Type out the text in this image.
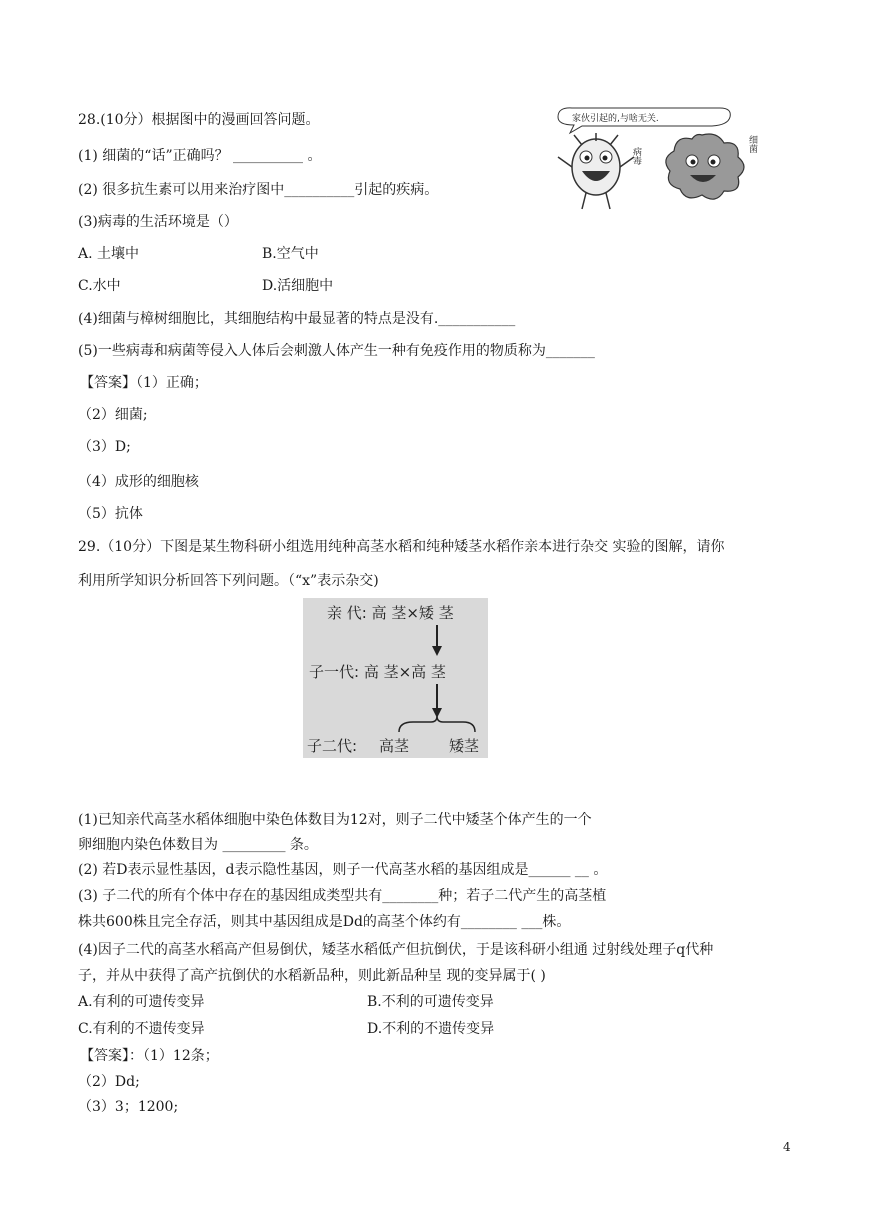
28.(10分）根据图中的漫画回答问题。
(1) 细菌的“话”正确吗？ __________ 。
(2) 很多抗生素可以用来治疗图中__________引起的疾病。
(3)病毒的生活环境是（）
A. 土壤中	B.空气中
C.水中	D.活细胞中
(4)细菌与樟树细胞比，其细胞结构中最显著的特点是没有.___________
(5)一些病毒和病菌等侵入人体后会刺激人体产生一种有免疫作用的物质称为_______
【答案】（1）正确；
（2）细菌;
（3）D;
（4）成形的细胞核
（5）抗体
家伙引起的,与啥无关.
病毒
细菌
29.（10分）下图是某生物科研小组选用纯种高茎水稻和纯种矮茎水稻作亲本进行杂交 实验的图解，请你
利用所学知识分析回答下列问题。（“x”表示杂交)
亲 代: 高 茎×矮 茎
子一代: 高 茎×高 茎
子二代: 高茎	矮茎
(1)已知亲代高茎水稻体细胞中染色体数目为12对，则子二代中矮茎个体产生的一个
卵细胞内染色体数目为 _________ 条。
(2) 若D表示显性基因，d表示隐性基因，则子一代高茎水稻的基因组成是______ __ 。
(3) 子二代的所有个体中存在的基因组成类型共有________种；若子二代产生的高茎植
株共600株且完全存活，则其中基因组成是Dd的高茎个体约有________ ___株。
(4)因子二代的高茎水稻高产但易倒伏，矮茎水稻低产但抗倒伏，于是该科研小组通 过射线处理子q代种
子，并从中获得了高产抗倒伏的水稻新品种，则此新品种呈 现的变异属于( )
A.有利的可遗传变异	B.不利的可遗传变异
C.有利的不遗传变异	D.不利的不遗传变异
【答案】：（1）12条；
（2）Dd;
（3）3；1200;
4
